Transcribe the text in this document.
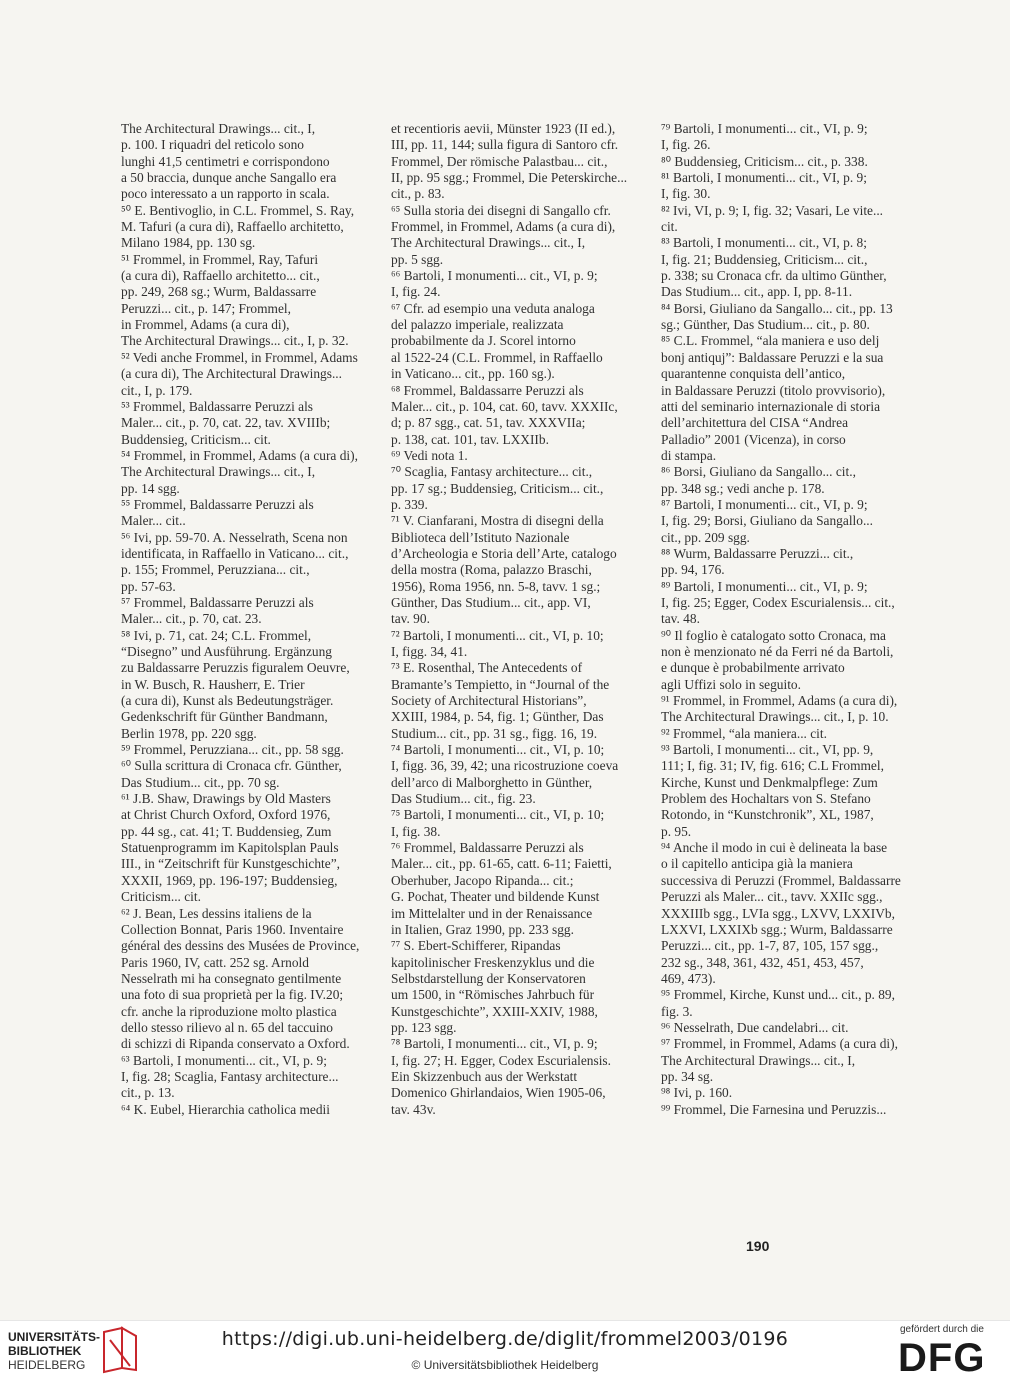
The Architectural Drawings... cit., I,
p. 100. I riquadri del reticolo sono
lunghi 41,5 centimetri e corrispondono
a 50 braccia, dunque anche Sangallo era
poco interessato a un rapporto in scala.
⁵⁰ E. Bentivoglio, in C.L. Frommel, S. Ray,
M. Tafuri (a cura di), Raffaello architetto,
Milano 1984, pp. 130 sg.
⁵¹ Frommel, in Frommel, Ray, Tafuri
(a cura di), Raffaello architetto... cit.,
pp. 249, 268 sg.; Wurm, Baldassarre
Peruzzi... cit., p. 147; Frommel,
in Frommel, Adams (a cura di),
The Architectural Drawings... cit., I, p. 32.
⁵² Vedi anche Frommel, in Frommel, Adams
(a cura di), The Architectural Drawings...
cit., I, p. 179.
⁵³ Frommel, Baldassarre Peruzzi als
Maler... cit., p. 70, cat. 22, tav. XVIIIb;
Buddensieg, Criticism... cit.
⁵⁴ Frommel, in Frommel, Adams (a cura di),
The Architectural Drawings... cit., I,
pp. 14 sgg.
⁵⁵ Frommel, Baldassarre Peruzzi als
Maler... cit..
⁵⁶ Ivi, pp. 59-70. A. Nesselrath, Scena non
identificata, in Raffaello in Vaticano... cit.,
p. 155; Frommel, Peruzziana... cit.,
pp. 57-63.
⁵⁷ Frommel, Baldassarre Peruzzi als
Maler... cit., p. 70, cat. 23.
⁵⁸ Ivi, p. 71, cat. 24; C.L. Frommel,
“Disegno” und Ausführung. Ergänzung
zu Baldassarre Peruzzis figuralem Oeuvre,
in W. Busch, R. Hausherr, E. Trier
(a cura di), Kunst als Bedeutungsträger.
Gedenkschrift für Günther Bandmann,
Berlin 1978, pp. 220 sgg.
⁵⁹ Frommel, Peruzziana... cit., pp. 58 sgg.
⁶⁰ Sulla scrittura di Cronaca cfr. Günther,
Das Studium... cit., pp. 70 sg.
⁶¹ J.B. Shaw, Drawings by Old Masters
at Christ Church Oxford, Oxford 1976,
pp. 44 sg., cat. 41; T. Buddensieg, Zum
Statuenprogramm im Kapitolsplan Pauls
III., in “Zeitschrift für Kunstgeschichte”,
XXXII, 1969, pp. 196-197; Buddensieg,
Criticism... cit.
⁶² J. Bean, Les dessins italiens de la
Collection Bonnat, Paris 1960. Inventaire
général des dessins des Musées de Province,
Paris 1960, IV, catt. 252 sg. Arnold
Nesselrath mi ha consegnato gentilmente
una foto di sua proprietà per la fig. IV.20;
cfr. anche la riproduzione molto plastica
dello stesso rilievo al n. 65 del taccuino
di schizzi di Ripanda conservato a Oxford.
⁶³ Bartoli, I monumenti... cit., VI, p. 9;
I, fig. 28; Scaglia, Fantasy architecture...
cit., p. 13.
⁶⁴ K. Eubel, Hierarchia catholica medii
et recentioris aevii, Münster 1923 (II ed.),
III, pp. 11, 144; sulla figura di Santoro cfr.
Frommel, Der römische Palastbau... cit.,
II, pp. 95 sgg.; Frommel, Die Peterskirche...
cit., p. 83.
⁶⁵ Sulla storia dei disegni di Sangallo cfr.
Frommel, in Frommel, Adams (a cura di),
The Architectural Drawings... cit., I,
pp. 5 sgg.
⁶⁶ Bartoli, I monumenti... cit., VI, p. 9;
I, fig. 24.
⁶⁷ Cfr. ad esempio una veduta analoga
del palazzo imperiale, realizzata
probabilmente da J. Scorel intorno
al 1522-24 (C.L. Frommel, in Raffaello
in Vaticano... cit., pp. 160 sg.).
⁶⁸ Frommel, Baldassarre Peruzzi als
Maler... cit., p. 104, cat. 60, tavv. XXXIIc,
d; p. 87 sgg., cat. 51, tav. XXXVIIa;
p. 138, cat. 101, tav. LXXIIb.
⁶⁹ Vedi nota 1.
⁷⁰ Scaglia, Fantasy architecture... cit.,
pp. 17 sg.; Buddensieg, Criticism... cit.,
p. 339.
⁷¹ V. Cianfarani, Mostra di disegni della
Biblioteca dell’Istituto Nazionale
d’Archeologia e Storia dell’Arte, catalogo
della mostra (Roma, palazzo Braschi,
1956), Roma 1956, nn. 5-8, tavv. 1 sg.;
Günther, Das Studium... cit., app. VI,
tav. 90.
⁷² Bartoli, I monumenti... cit., VI, p. 10;
I, figg. 34, 41.
⁷³ E. Rosenthal, The Antecedents of
Bramante’s Tempietto, in “Journal of the
Society of Architectural Historians”,
XXIII, 1984, p. 54, fig. 1; Günther, Das
Studium... cit., pp. 31 sg., figg. 16, 19.
⁷⁴ Bartoli, I monumenti... cit., VI, p. 10;
I, figg. 36, 39, 42; una ricostruzione coeva
dell’arco di Malborghetto in Günther,
Das Studium... cit., fig. 23.
⁷⁵ Bartoli, I monumenti... cit., VI, p. 10;
I, fig. 38.
⁷⁶ Frommel, Baldassarre Peruzzi als
Maler... cit., pp. 61-65, catt. 6-11; Faietti,
Oberhuber, Jacopo Ripanda... cit.;
G. Pochat, Theater und bildende Kunst
im Mittelalter und in der Renaissance
in Italien, Graz 1990, pp. 233 sgg.
⁷⁷ S. Ebert-Schifferer, Ripandas
kapitolinischer Freskenzyklus und die
Selbstdarstellung der Konservatoren
um 1500, in “Römisches Jahrbuch für
Kunstgeschichte”, XXIII-XXIV, 1988,
pp. 123 sgg.
⁷⁸ Bartoli, I monumenti... cit., VI, p. 9;
I, fig. 27; H. Egger, Codex Escurialensis.
Ein Skizzenbuch aus der Werkstatt
Domenico Ghirlandaios, Wien 1905-06,
tav. 43v.
⁷⁹ Bartoli, I monumenti... cit., VI, p. 9;
I, fig. 26.
⁸⁰ Buddensieg, Criticism... cit., p. 338.
⁸¹ Bartoli, I monumenti... cit., VI, p. 9;
I, fig. 30.
⁸² Ivi, VI, p. 9; I, fig. 32; Vasari, Le vite...
cit.
⁸³ Bartoli, I monumenti... cit., VI, p. 8;
I, fig. 21; Buddensieg, Criticism... cit.,
p. 338; su Cronaca cfr. da ultimo Günther,
Das Studium... cit., app. I, pp. 8-11.
⁸⁴ Borsi, Giuliano da Sangallo... cit., pp. 13
sg.; Günther, Das Studium... cit., p. 80.
⁸⁵ C.L. Frommel, “ala maniera e uso delj
bonj antiquj”: Baldassare Peruzzi e la sua
quarantenne conquista dell’antico,
in Baldassare Peruzzi (titolo provvisorio),
atti del seminario internazionale di storia
dell’architettura del CISA “Andrea
Palladio” 2001 (Vicenza), in corso
di stampa.
⁸⁶ Borsi, Giuliano da Sangallo... cit.,
pp. 348 sg.; vedi anche p. 178.
⁸⁷ Bartoli, I monumenti... cit., VI, p. 9;
I, fig. 29; Borsi, Giuliano da Sangallo...
cit., pp. 209 sgg.
⁸⁸ Wurm, Baldassarre Peruzzi... cit.,
pp. 94, 176.
⁸⁹ Bartoli, I monumenti... cit., VI, p. 9;
I, fig. 25; Egger, Codex Escurialensis... cit.,
tav. 48.
⁹⁰ Il foglio è catalogato sotto Cronaca, ma
non è menzionato né da Ferri né da Bartoli,
e dunque è probabilmente arrivato
agli Uffizi solo in seguito.
⁹¹ Frommel, in Frommel, Adams (a cura di),
The Architectural Drawings... cit., I, p. 10.
⁹² Frommel, “ala maniera... cit.
⁹³ Bartoli, I monumenti... cit., VI, pp. 9,
111; I, fig. 31; IV, fig. 616; C.L Frommel,
Kirche, Kunst und Denkmalpflege: Zum
Problem des Hochaltars von S. Stefano
Rotondo, in “Kunstchronik”, XL, 1987,
p. 95.
⁹⁴ Anche il modo in cui è delineata la base
o il capitello anticipa già la maniera
successiva di Peruzzi (Frommel, Baldassarre
Peruzzi als Maler... cit., tavv. XXIIc sgg.,
XXXIIIb sgg., LVIa sgg., LXVV, LXXIVb,
LXXVI, LXXIXb sgg.; Wurm, Baldassarre
Peruzzi... cit., pp. 1-7, 87, 105, 157 sgg.,
232 sg., 348, 361, 432, 451, 453, 457,
469, 473).
⁹⁵ Frommel, Kirche, Kunst und... cit., p. 89,
fig. 3.
⁹⁶ Nesselrath, Due candelabri... cit.
⁹⁷ Frommel, in Frommel, Adams (a cura di),
The Architectural Drawings... cit., I,
pp. 34 sg.
⁹⁸ Ivi, p. 160.
⁹⁹ Frommel, Die Farnesina und Peruzzis...
190
UNIVERSITÄTS-
BIBLIOTHEK
HEIDELBERG
https://digi.ub.uni-heidelberg.de/diglit/frommel2003/0196
© Universitätsbibliothek Heidelberg
gefördert durch die
DFG
